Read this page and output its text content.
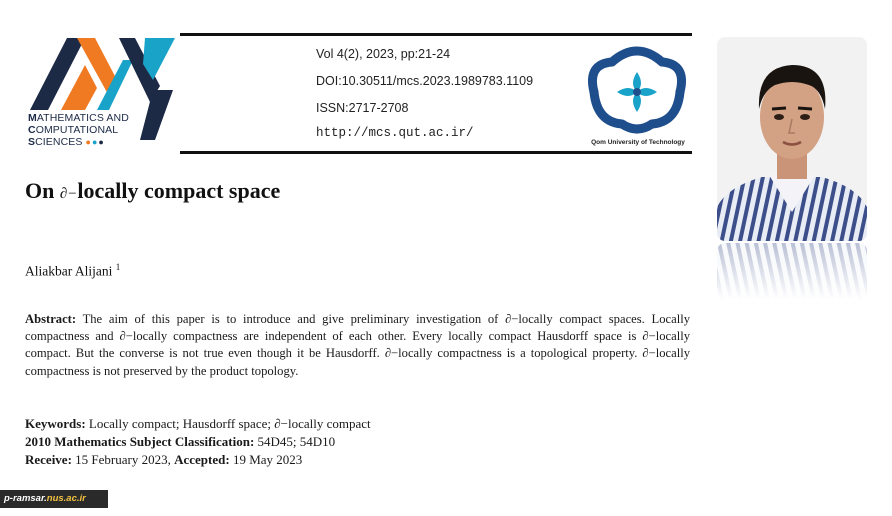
MATHEMATICS AND
COMPUTATIONAL
SCIENCES ●●●
Vol 4(2), 2023, pp:21-24
DOI:10.30511/mcs.2023.1989783.1109
ISSN:2717-2708
http://mcs.qut.ac.ir/
Qom University of Technology
On ∂−locally compact space
Aliakbar Alijani $^1$
Abstract: The aim of this paper is to introduce and give preliminary investigation of ∂−locally compact spaces. Locally compactness and ∂−locally compactness are independent of each other. Every locally compact Hausdorff space is ∂−locally compact. But the converse is not true even though it be Hausdorff. ∂−locally compactness is a topological property. ∂−locally compactness is not preserved by the product topology.
Keywords: Locally compact; Hausdorff space; ∂−locally compact
2010 Mathematics Subject Classification: 54D45; 54D10
Receive: 15 February 2023, Accepted: 19 May 2023
p-ramsar.nus.ac.ir
